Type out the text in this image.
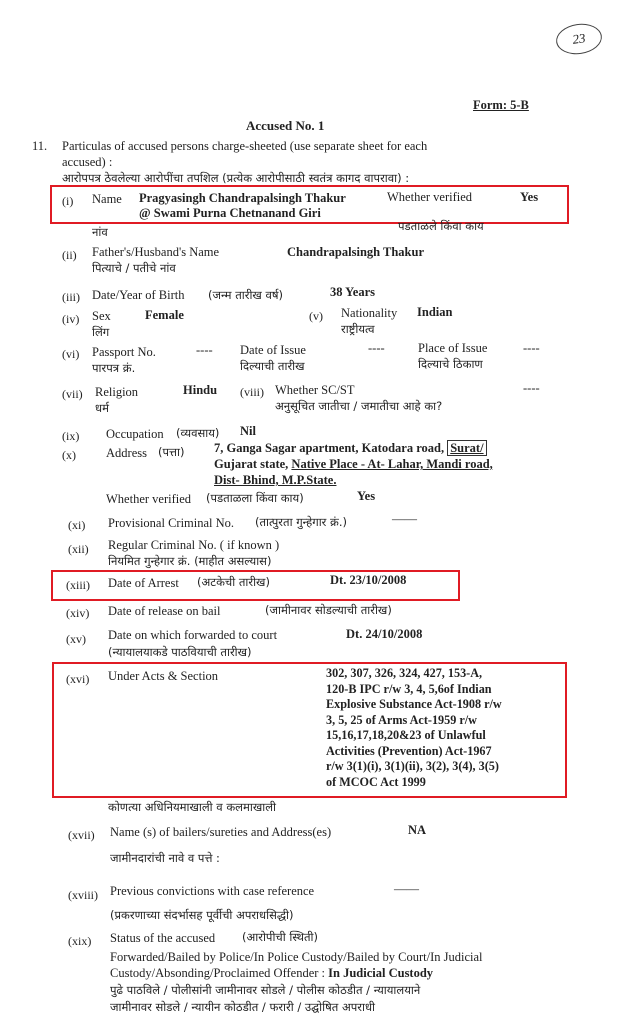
23
Form: 5-B
Accused No. 1
11. Particulas of accused persons charge-sheeted (use separate sheet for each
accused) :
आरोपपत्र ठेवलेल्या आरोपींचा तपशिल (प्रत्येक आरोपीसाठी स्वतंत्र कागद वापरावा) :
(i) Name Pragyasingh Chandrapalsingh Thakur
@ Swami Purna Chetnanand Giri
Whether verified	Yes
नांव	पडताळले किंवा काय
(ii) Father's/Husband's Name	Chandrapalsingh Thakur
पित्याचे / पतीचे नांव
(iii) Date/Year of Birth (जन्म तारीख वर्ष)	38 Years
(iv) Sex	Female
लिंग
(v) Nationality Indian
राष्ट्रीयत्व
(vi) Passport No.	----
पारपत्र क्रं.
Date of Issue	----
दिल्याची तारीख
Place of Issue	----
दिल्याचे ठिकाण
(vii) Religion	Hindu
धर्म
(viii) Whether SC/ST	----
अनुसूचित जातीचा / जमातीचा आहे का?
(ix) Occupation (व्यवसाय) Nil
(x) Address (पत्ता) 7, Ganga Sagar apartment, Katodara road, Surat/
Gujarat state, Native Place - At- Lahar, Mandi road,
Dist- Bhind, M.P.State.
Whether verified (पडताळला किंवा काय)	Yes
(xi) Provisional Criminal No. (तात्पुरता गुन्हेगार क्रं.)	——
(xii) Regular Criminal No. ( if known )
नियमित गुन्हेगार क्रं. (माहीत असल्यास)
(xiii) Date of Arrest (अटकेची तारीख)	Dt. 23/10/2008
(xiv) Date of release on bail	(जामीनावर सोडल्याची तारीख)
(xv) Date on which forwarded to court	Dt. 24/10/2008
(न्यायालयाकडे पाठवियाची तारीख)
(xvi) Under Acts & Section	302, 307, 326, 324, 427, 153-A,
120-B IPC r/w 3, 4, 5,6of Indian
Explosive Substance Act-1908 r/w
3, 5, 25 of Arms Act-1959 r/w
15,16,17,18,20&23 of Unlawful
Activities (Prevention) Act-1967
r/w 3(1)(i), 3(1)(ii), 3(2), 3(4), 3(5)
of MCOC Act 1999
कोणत्या अधिनियमाखाली व कलमाखाली
(xvii) Name (s) of bailers/sureties and Address(es)	NA
जामीनदारांची नावे व पत्ते :
(xviii) Previous convictions with case reference	——
(प्रकरणाच्या संदर्भासह पूर्वीची अपराधसिद्धी)
(xix) Status of the accused (आरोपीची स्थिती)
Forwarded/Bailed by Police/In Police Custody/Bailed by Court/In Judicial
Custody/Absonding/Proclaimed Offender : In Judicial Custody
पुढे पाठविले / पोलीसांनी जामीनावर सोडले / पोलीस कोठडीत / न्यायालयाने
जामीनावर सोडले / न्यायीन कोठडीत / फरारी / उद्घोषित अपराधी
